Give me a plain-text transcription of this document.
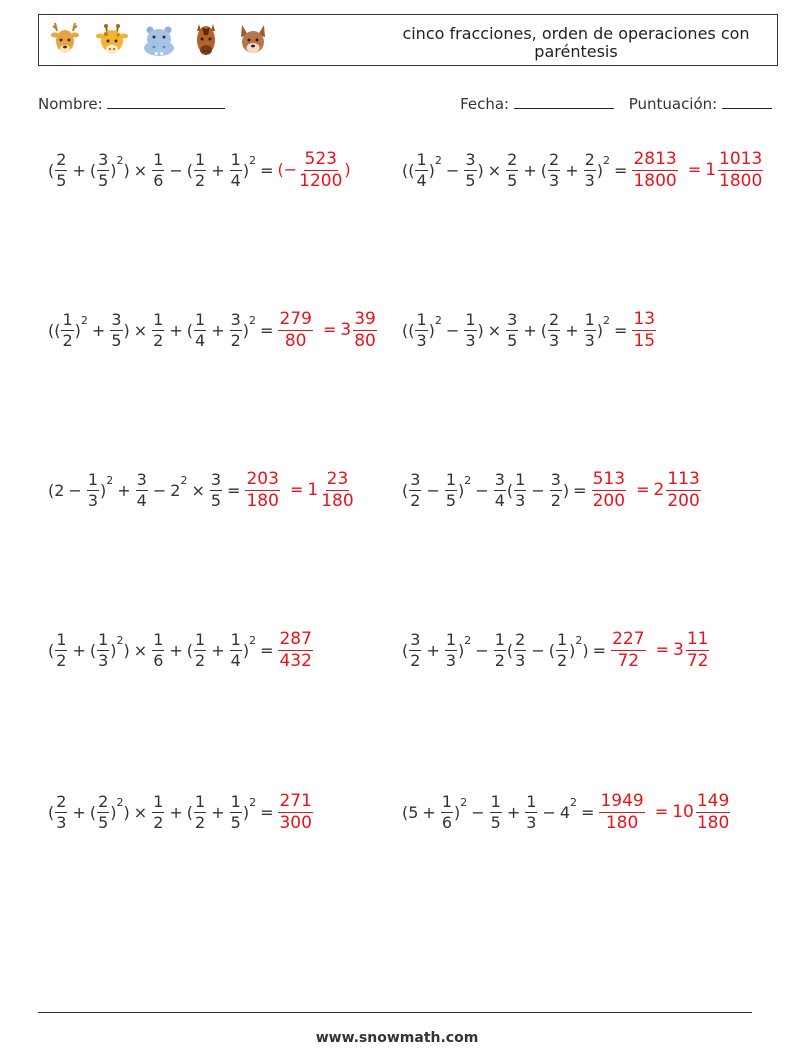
cinco fracciones, orden de operaciones con paréntesis
Nombre:	Fecha:	Puntuación:
( $\frac{2}{5}$ + ( $\frac{3}{5}$ )
$^2$
) × $\frac{1}{6}$ − ( $\frac{1}{2} + \frac{1}{4}$ )
$^2$
= (− $\frac{523}{1200}$ )	(( $\frac{1}{4}$ )
$^2$
− $\frac{3}{5}$ ) × $\frac{2}{5}$ + ( $\frac{2}{3} + \frac{2}{3}$ )
$^2$
= $\frac{2813}{1800} = 1 \frac{1013}{1800}$
(( $\frac{1}{2}$ )
$^2$
+ $\frac{3}{5}$ ) × $\frac{1}{2}$ + ( $\frac{1}{4} + \frac{3}{2}$ )
$^2$
= $\frac{279}{80} = 3 \frac{39}{80}$ (( $\frac{1}{3}$ )
$^2$
− $\frac{1}{3}$ ) × $\frac{3}{5}$ + ( $\frac{2}{3} + \frac{1}{3}$ )
$^2$
= $\frac{13}{15}$
($2 - \frac{1}{3}$ )
$^2$
+ $\frac{3}{4} - 2$
$^2$
× $\frac{3}{5} = \frac{203}{180} = 1 \frac{23}{180}$	( $\frac{3}{2} - \frac{1}{5}$ )
$^2$
− $\frac{3}{4}$ ( $\frac{1}{3} - \frac{3}{2}$ ) = $\frac{513}{200} = 2 \frac{113}{200}$
( $\frac{1}{2}$ + ( $\frac{1}{3}$ )
$^2$
) × $\frac{1}{6}$ + ( $\frac{1}{2} + \frac{1}{4}$ )
$^2$
= $\frac{287}{432}$	( $\frac{3}{2} + \frac{1}{3}$ )
$^2$
− $\frac{1}{2}$ ( $\frac{2}{3}$ − ( $\frac{1}{2}$ )
$^2$
) = $\frac{227}{72} = 3 \frac{11}{72}$
( $\frac{2}{3}$ + ( $\frac{2}{5}$ )
$^2$
) × $\frac{1}{2}$ + ( $\frac{1}{2} + \frac{1}{5}$ )
$^2$
= $\frac{271}{300}$	($5 + \frac{1}{6}$ )
$^2$
− $\frac{1}{5} + \frac{1}{3} - 4$
$^2$
= $\frac{1949}{180} = 10 \frac{149}{180}$
www.snowmath.com
